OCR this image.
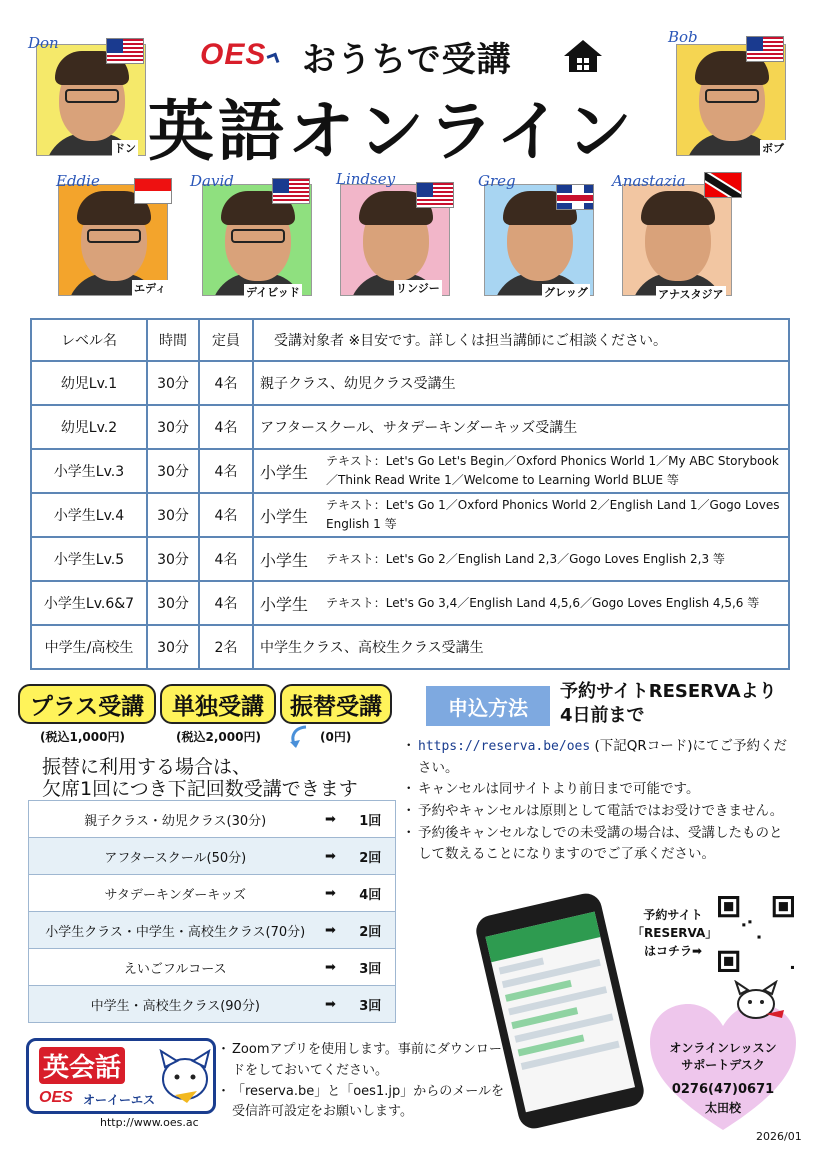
OES	おうちで受講
英語オンライン
Don
ドン
Bob
ボブ
Eddie
エディ
David
デイビッド
Lindsey
リンジー
Greg
グレッグ
Anastazia
アナスタジア
レベル名	時間	定員	受講対象者 ※目安です。詳しくは担当講師にご相談ください。
幼児Lv.1	30分	4名	親子クラス、幼児クラス受講生
幼児Lv.2	30分	4名	アフタースクール、サタデーキンダーキッズ受講生
小学生Lv.3	30分	4名	小学生
テキスト：Let's Go Let's Begin／Oxford Phonics World 1／My ABC Storybook／Think Read Write 1／Welcome to Learning World BLUE 等

小学生Lv.4	30分	4名	小学生
テキスト：Let's Go 1／Oxford Phonics World 2／English Land 1／Gogo Loves English 1 等

小学生Lv.5	30分	4名	小学生 テキスト：Let's Go 2／English Land 2,3／Gogo Loves English 2,3 等

小学生Lv.6&7	30分	4名	小学生 テキスト：Let's Go 3,4／English Land 4,5,6／Gogo Loves English 4,5,6 等

中学生/高校生	30分	2名	中学生クラス、高校生クラス受講生
プラス受講	単独受講	振替受講
(税込1,000円)	(税込2,000円)	(0円)
振替に利用する場合は、
欠席1回につき下記回数受講できます
親子クラス・幼児クラス(30分)	➡	1回
アフタースクール(50分)	➡	2回
サタデーキンダーキッズ	➡	4回
小学生クラス・中学生・高校生クラス(70分)	➡	2回
えいごフルコース	➡	3回
中学生・高校生クラス(90分)	➡	3回
申込方法
予約サイトRESERVAより
4日前まで
・ https://reserva.be/oes (下記QRコード)にてご予約ください。
・ キャンセルは同サイトより前日まで可能です。
・ 予約やキャンセルは原則として電話ではお受けできません。
・ 予約後キャンセルなしでの未受講の場合は、受講したものとして数えることになりますのでご了承ください。
予約サイト
「RESERVA」
はコチラ➡
オンラインレッスン
サポートデスク
0276(47)0671
太田校
英会話
OES オーイーエス
http://www.oes.ac
・ Zoomアプリを使用します。事前にダウンロードをしておいてください。
・ 「reserva.be」と「oes1.jp」からのメールを受信許可設定をお願いします。
2026/01
